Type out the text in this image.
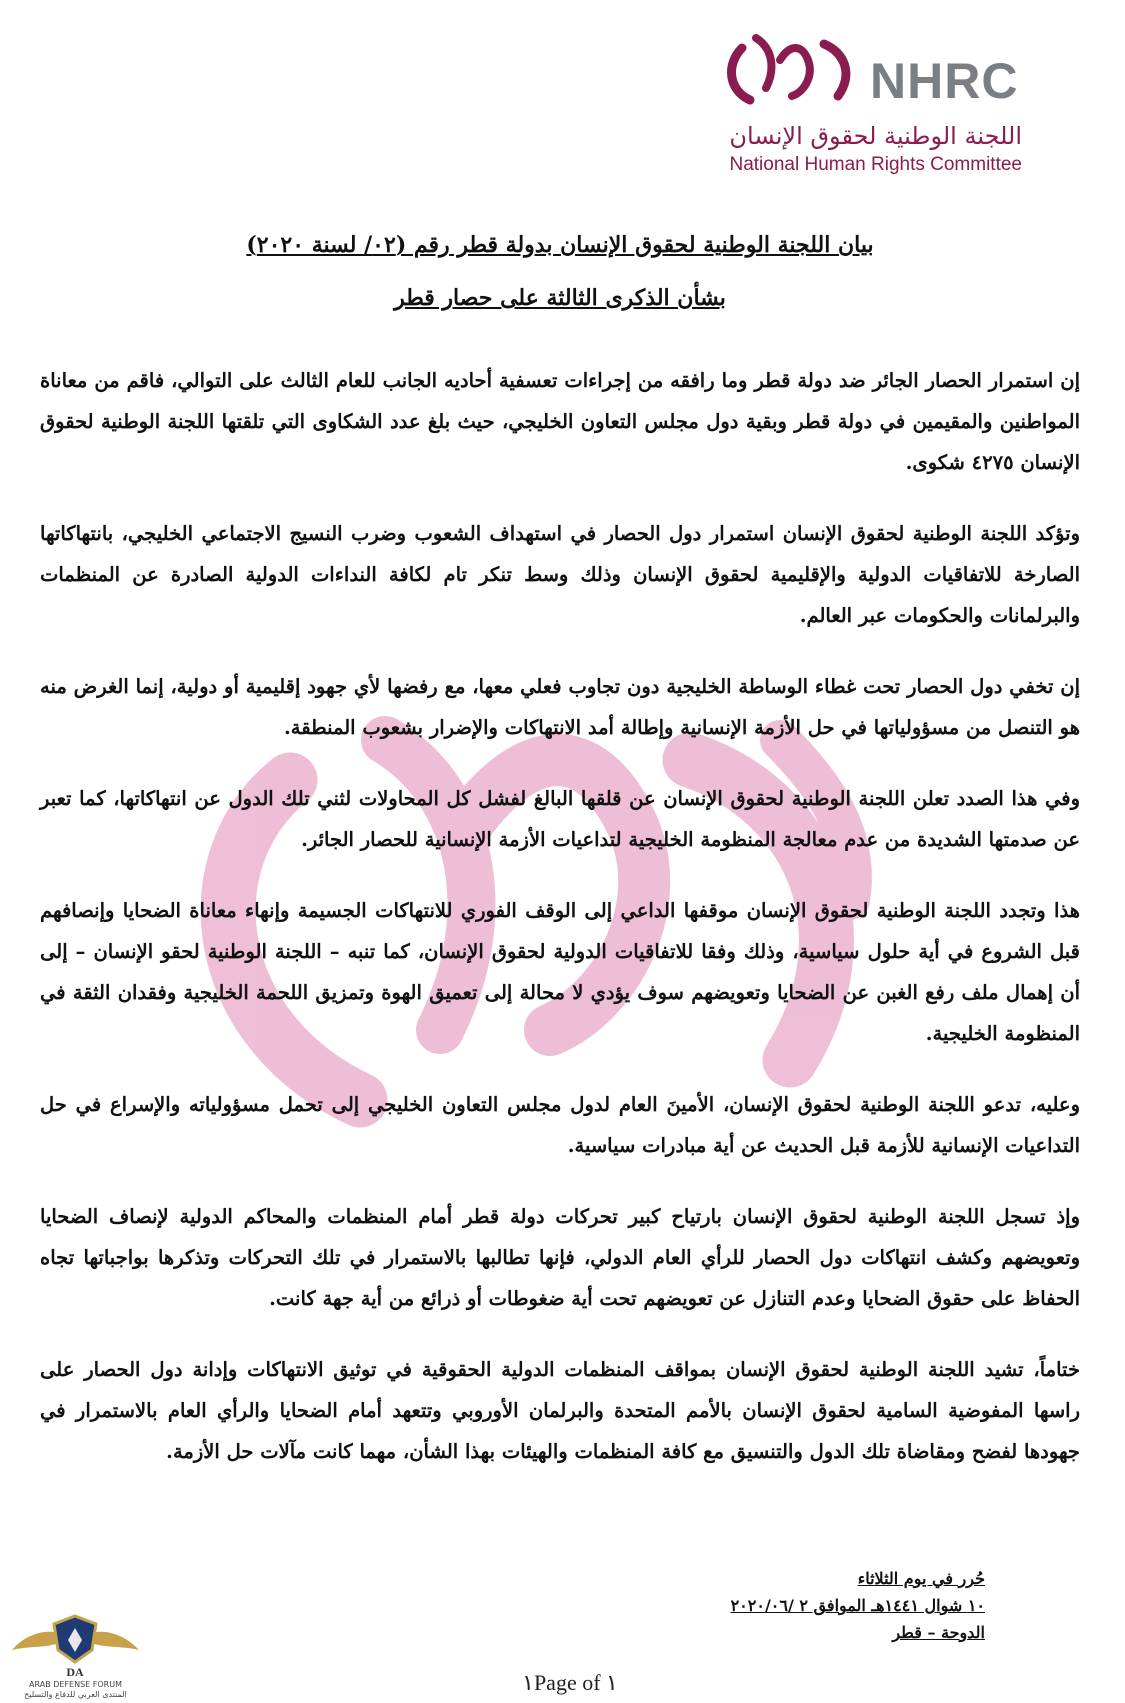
NHRC
اللجنة الوطنية لحقوق الإنسان
National Human Rights Committee
بيان اللجنة الوطنية لحقوق الإنسان بدولة قطر رقم (٠٢/ لسنة ٢٠٢٠)
بشأن الذكرى الثالثة على حصار قطر

إن استمرار الحصار الجائر ضد دولة قطر وما رافقه من إجراءات تعسفية أحاديه الجانب للعام الثالث على التوالي، فاقم من معاناة المواطنين والمقيمين في دولة قطر وبقية دول مجلس التعاون الخليجي، حيث بلغ عدد الشكاوى التي تلقتها اللجنة الوطنية لحقوق الإنسان ٤٢٧٥ شكوى.

وتؤكد اللجنة الوطنية لحقوق الإنسان استمرار دول الحصار في استهداف الشعوب وضرب النسيج الاجتماعي الخليجي، بانتهاكاتها الصارخة للاتفاقيات الدولية والإقليمية لحقوق الإنسان وذلك وسط تنكر تام لكافة النداءات الدولية الصادرة عن المنظمات والبرلمانات والحكومات عبر العالم.

إن تخفي دول الحصار تحت غطاء الوساطة الخليجية دون تجاوب فعلي معها، مع رفضها لأي جهود إقليمية أو دولية، إنما الغرض منه هو التنصل من مسؤولياتها في حل الأزمة الإنسانية وإطالة أمد الانتهاكات والإضرار بشعوب المنطقة.

وفي هذا الصدد تعلن اللجنة الوطنية لحقوق الإنسان عن قلقها البالغ لفشل كل المحاولات لثني تلك الدول عن انتهاكاتها، كما تعبر عن صدمتها الشديدة من عدم معالجة المنظومة الخليجية لتداعيات الأزمة الإنسانية للحصار الجائر.

هذا وتجدد اللجنة الوطنية لحقوق الإنسان موقفها الداعي إلى الوقف الفوري للانتهاكات الجسيمة وإنهاء معاناة الضحايا وإنصافهم قبل الشروع في أية حلول سياسية، وذلك وفقا للاتفاقيات الدولية لحقوق الإنسان، كما تنبه – اللجنة الوطنية لحقو الإنسان – إلى أن إهمال ملف رفع الغبن عن الضحايا وتعويضهم سوف يؤدي لا محالة إلى تعميق الهوة وتمزيق اللحمة الخليجية وفقدان الثقة في المنظومة الخليجية.

وعليه، تدعو اللجنة الوطنية لحقوق الإنسان، الأمينَ العام لدول مجلس التعاون الخليجي إلى تحمل مسؤولياته والإسراع في حل التداعيات الإنسانية للأزمة قبل الحديث عن أية مبادرات سياسية.

وإذ تسجل اللجنة الوطنية لحقوق الإنسان بارتياح كبير تحركات دولة قطر أمام المنظمات والمحاكم الدولية لإنصاف الضحايا وتعويضهم وكشف انتهاكات دول الحصار للرأي العام الدولي، فإنها تطالبها بالاستمرار في تلك التحركات وتذكرها بواجباتها تجاه الحفاظ على حقوق الضحايا وعدم التنازل عن تعويضهم تحت أية ضغوطات أو ذرائع من أية جهة كانت.

ختاماً، تشيد اللجنة الوطنية لحقوق الإنسان بمواقف المنظمات الدولية الحقوقية في توثيق الانتهاكات وإدانة دول الحصار على راسها المفوضية السامية لحقوق الإنسان بالأمم المتحدة والبرلمان الأوروبي وتتعهد أمام الضحايا والرأي العام بالاستمرار في جهودها لفضح ومقاضاة تلك الدول والتنسيق مع كافة المنظمات والهيئات بهذا الشأن، مهما كانت مآلات حل الأزمة.

حُرر في يوم الثلاثاء
١٠ شوال ١٤٤١هـ الموافق ٢ /٢٠٢٠/٠٦
الدوحة – قطر
١ of ١Page
DA
ARAB DEFENSE FORUM
المنتدى العربي للدفاع والتسليح
